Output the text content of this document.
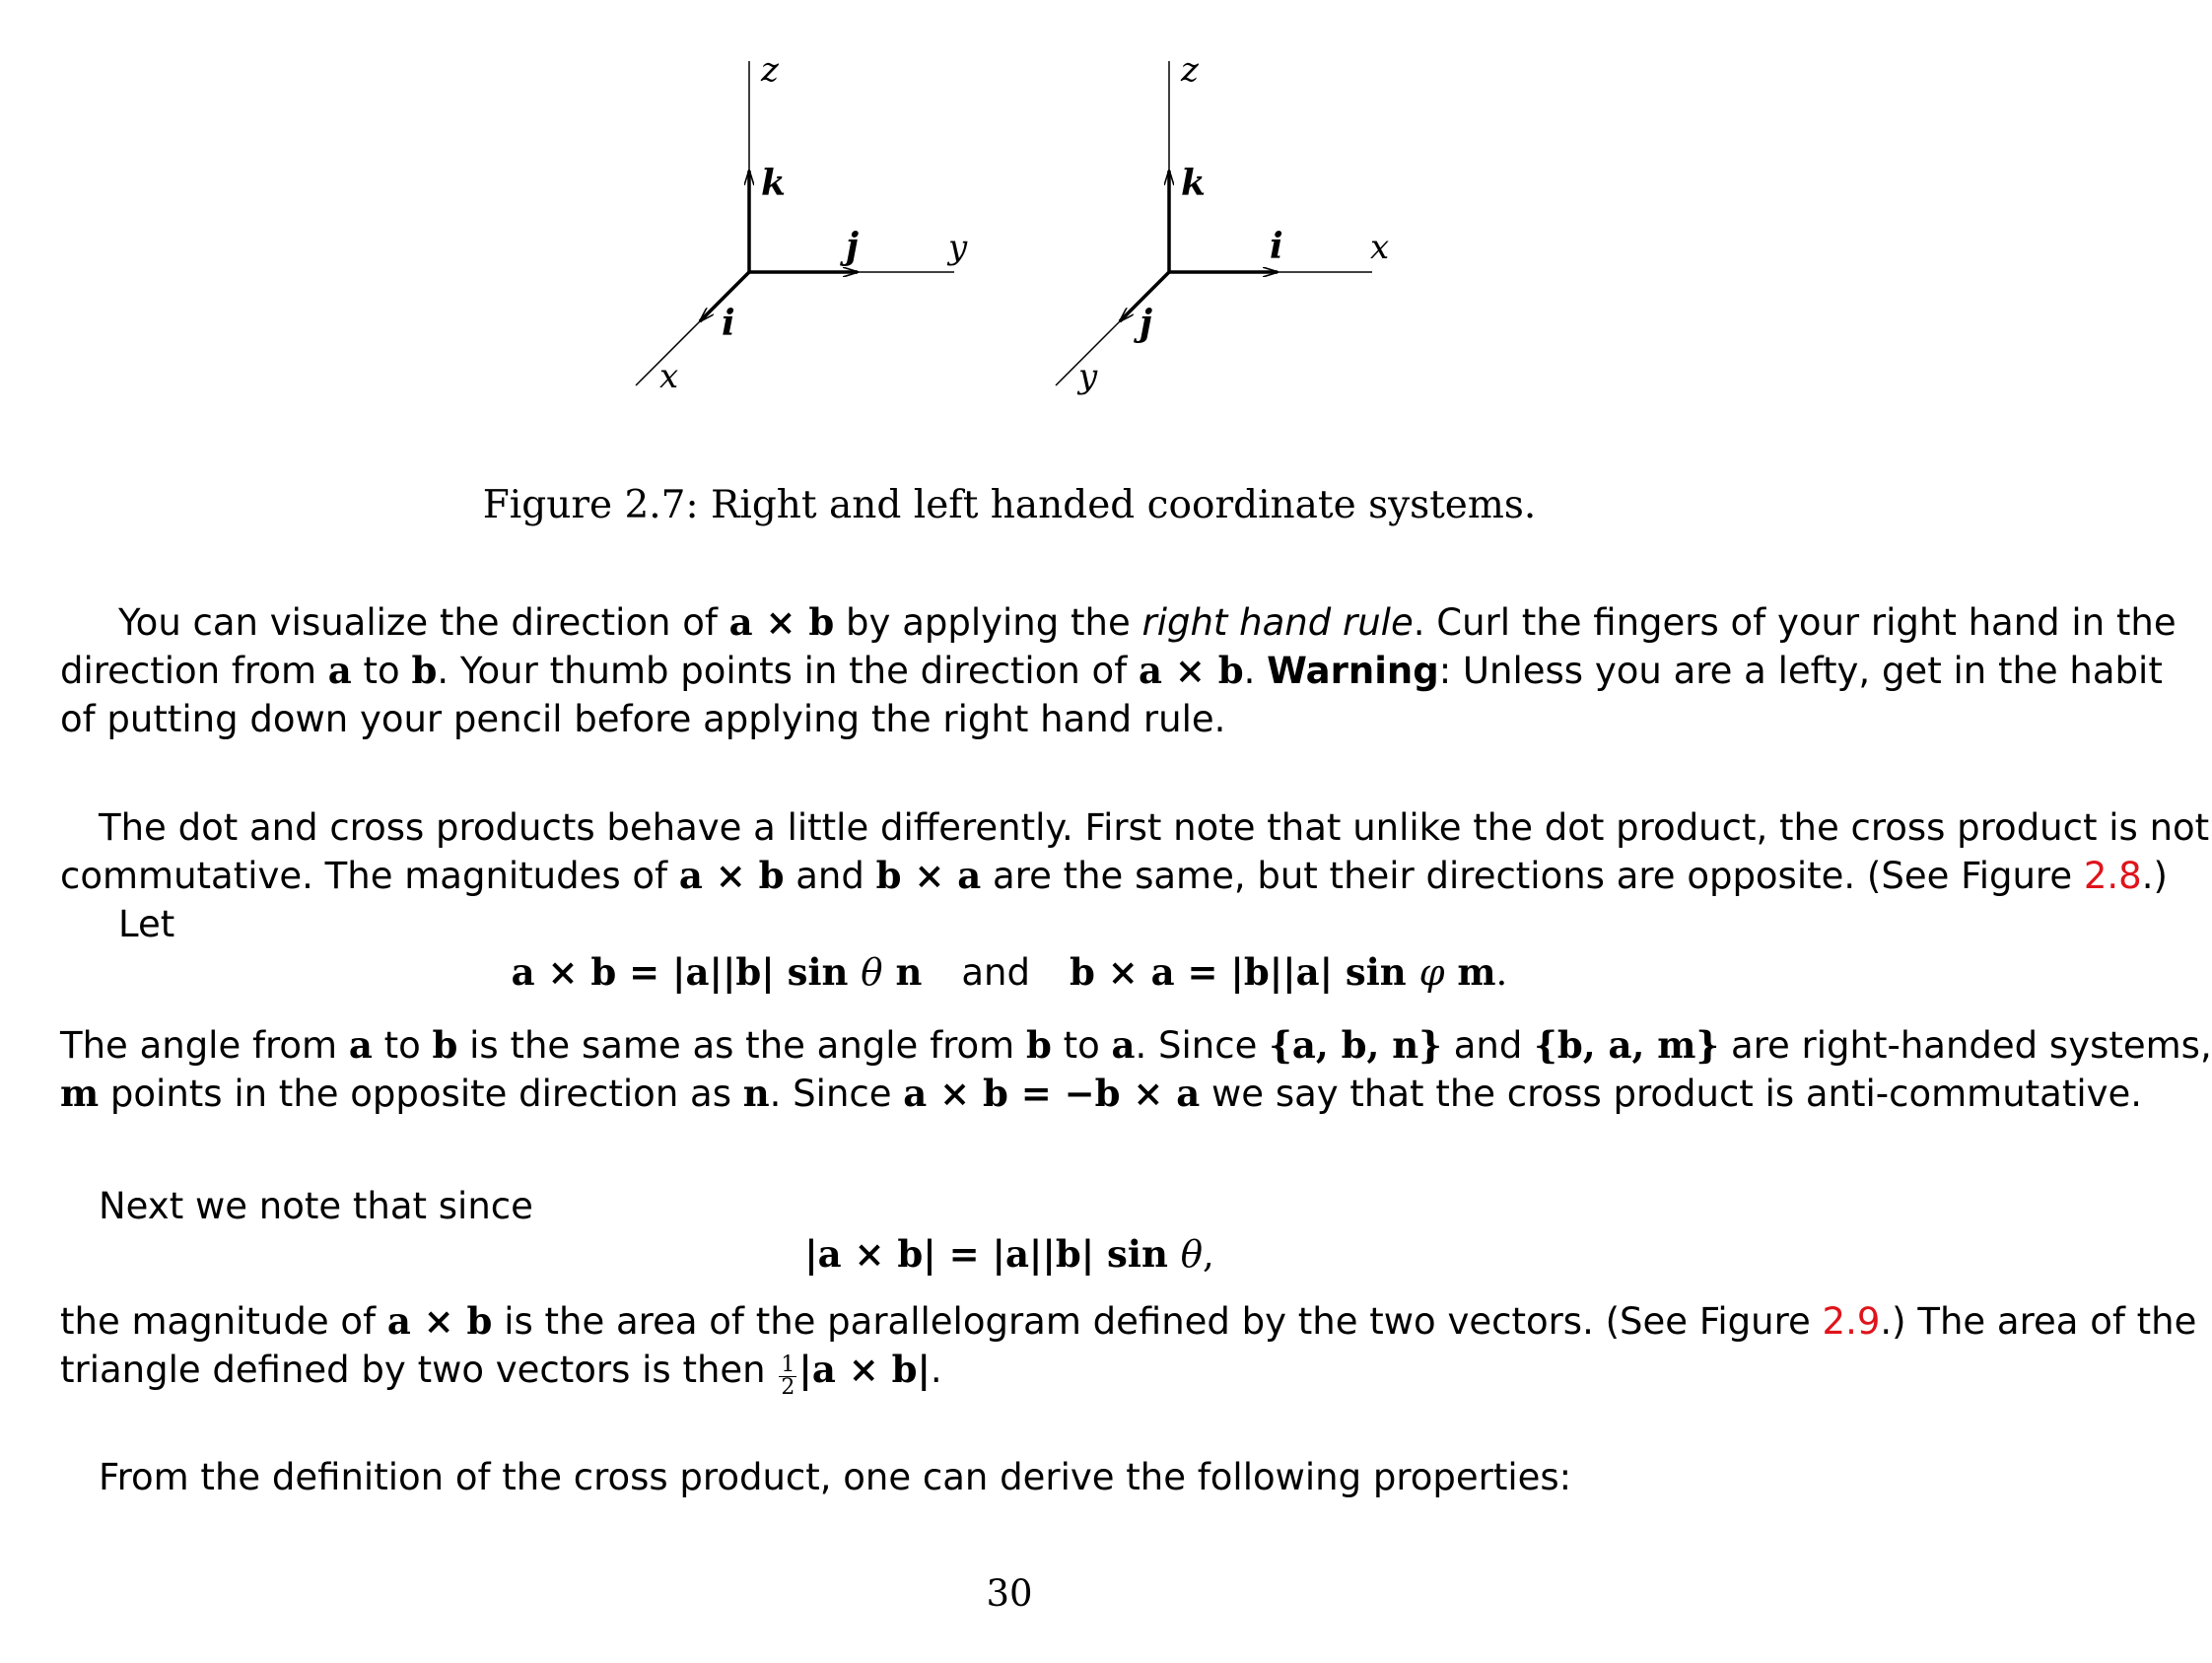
z
k
j	y
i
x
z
k
i	x
j
y
Figure 2.7: Right and left handed coordinate systems.
You can visualize the direction of a × b by applying the right hand rule. Curl the fingers of your right hand in the
direction from a to b. Your thumb points in the direction of a × b. Warning: Unless you are a lefty, get in the habit
of putting down your pencil before applying the right hand rule.
The dot and cross products behave a little differently. First note that unlike the dot product, the cross product is not
commutative. The magnitudes of a × b and b × a are the same, but their directions are opposite. (See Figure 2.8.)
Let
a × b = |a||b| sin θ n and b × a = |b||a| sin φ m.
The angle from a to b is the same as the angle from b to a. Since {a, b, n} and {b, a, m} are right-handed systems,
m points in the opposite direction as n. Since a × b = −b × a we say that the cross product is anti-commutative.
Next we note that since
|a × b| = |a||b| sin θ,
the magnitude of a × b is the area of the parallelogram defined by the two vectors. (See Figure 2.9.) The area of the
triangle defined by two vectors is then $\frac{1}{2} |a \times b|$.
From the definition of the cross product, one can derive the following properties:
30
